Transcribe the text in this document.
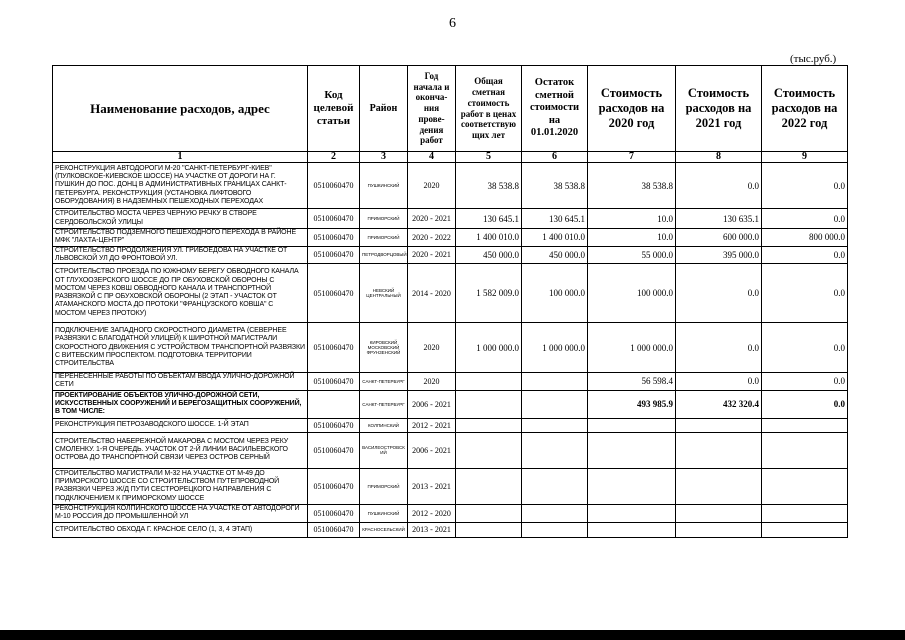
6
(тыс.руб.)
Наименование расходов, адрес	Код целевой статьи	Район	Год начала и оконча-ния прове-дения работ	Общая сметная стоимость работ в ценах соответствую щих лет	Остаток сметной стоимости на 01.01.2020	Стоимость расходов на 2020 год	Стоимость расходов на 2021 год	Стоимость расходов на 2022 год
1	2	3	4	5	6	7	8	9
РЕКОНСТРУКЦИЯ АВТОДОРОГИ М-20 "САНКТ-ПЕТЕРБУРГ-КИЕВ" (ПУЛКОВСКОЕ-КИЕВСКОЕ ШОССЕ) НА УЧАСТКЕ ОТ ДОРОГИ НА Г. ПУШКИН ДО ПОС. ДОНЦ В АДМИНИСТРАТИВНЫХ ГРАНИЦАХ САНКТ-ПЕТЕРБУРГА. РЕКОНСТРУКЦИЯ (УСТАНОВКА ЛИФТОВОГО ОБОРУДОВАНИЯ) В НАДЗЕМНЫХ ПЕШЕХОДНЫХ ПЕРЕХОДАХ	0510060470	ПУШКИНСКИЙ	2020	38 538.8	38 538.8	38 538.8	0.0	0.0
СТРОИТЕЛЬСТВО МОСТА ЧЕРЕЗ ЧЕРНУЮ РЕЧКУ В СТВОРЕ СЕРДОБОЛЬСКОЙ УЛИЦЫ	0510060470	ПРИМОРСКИЙ	2020 - 2021	130 645.1	130 645.1	10.0	130 635.1	0.0
СТРОИТЕЛЬСТВО ПОДЗЕМНОГО ПЕШЕХОДНОГО ПЕРЕХОДА В РАЙОНЕ МФК "ЛАХТА-ЦЕНТР"	0510060470	ПРИМОРСКИЙ	2020 - 2022	1 400 010.0	1 400 010.0	10.0	600 000.0	800 000.0
СТРОИТЕЛЬСТВО ПРОДОЛЖЕНИЯ УЛ. ГРИБОЕДОВА НА УЧАСТКЕ ОТ ЛЬВОВСКОЙ УЛ ДО ФРОНТОВОЙ УЛ.	0510060470	ПЕТРОДВОРЦОВЫЙ	2020 - 2021	450 000.0	450 000.0	55 000.0	395 000.0	0.0
СТРОИТЕЛЬСТВО ПРОЕЗДА ПО ЮЖНОМУ БЕРЕГУ ОБВОДНОГО КАНАЛА ОТ ГЛУХООЗЕРСКОГО ШОССЕ ДО ПР ОБУХОВСКОЙ ОБОРОНЫ С МОСТОМ ЧЕРЕЗ КОВШ ОБВОДНОГО КАНАЛА И ТРАНСПОРТНОЙ РАЗВЯЗКОЙ С ПР ОБУХОВСКОЙ ОБОРОНЫ (2 ЭТАП - УЧАСТОК ОТ АТАМАНСКОГО МОСТА ДО ПРОТОКИ "ФРАНЦУЗСКОГО КОВША" С МОСТОМ ЧЕРЕЗ ПРОТОКУ)	0510060470	НЕВСКИЙ ЦЕНТРАЛЬНЫЙ	2014 - 2020	1 582 009.0	100 000.0	100 000.0	0.0	0.0
ПОДКЛЮЧЕНИЕ ЗАПАДНОГО СКОРОСТНОГО ДИАМЕТРА (СЕВЕРНЕЕ РАЗВЯЗКИ С БЛАГОДАТНОЙ УЛИЦЕЙ) К ШИРОТНОЙ МАГИСТРАЛИ СКОРОСТНОГО ДВИЖЕНИЯ С УСТРОЙСТВОМ ТРАНСПОРТНОЙ РАЗВЯЗКИ С ВИТЕБСКИМ ПРОСПЕКТОМ. ПОДГОТОВКА ТЕРРИТОРИИ СТРОИТЕЛЬСТВА	0510060470	КИРОВСКИЙ МОСКОВСКИЙ ФРУНЗЕНСКИЙ	2020	1 000 000.0	1 000 000.0	1 000 000.0	0.0	0.0
ПЕРЕНЕСЕННЫЕ РАБОТЫ ПО ОБЪЕКТАМ ВВОДА УЛИЧНО-ДОРОЖНОЙ СЕТИ	0510060470	САНКТ-ПЕТЕРБУРГ	2020			56 598.4	0.0	0.0
ПРОЕКТИРОВАНИЕ ОБЪЕКТОВ УЛИЧНО-ДОРОЖНОЙ СЕТИ, ИСКУССТВЕННЫХ СООРУЖЕНИЙ И БЕРЕГОЗАЩИТНЫХ СООРУЖЕНИЙ, В ТОМ ЧИСЛЕ:		САНКТ-ПЕТЕРБУРГ	2006 - 2021			493 985.9	432 320.4	0.0
РЕКОНСТРУКЦИЯ ПЕТРОЗАВОДСКОГО ШОССЕ. 1-Й ЭТАП	0510060470	КОЛПИНСКИЙ	2012 - 2021					
СТРОИТЕЛЬСТВО НАБЕРЕЖНОЙ МАКАРОВА С МОСТОМ ЧЕРЕЗ РЕКУ СМОЛЕНКУ. 1-Я ОЧЕРЕДЬ. УЧАСТОК ОТ 2-Й ЛИНИИ ВАСИЛЬЕВСКОГО ОСТРОВА ДО ТРАНСПОРТНОЙ СВЯЗИ ЧЕРЕЗ ОСТРОВ СЕРНЫЙ	0510060470	ВАСИЛЕОСТРОВСК ИЙ	2006 - 2021					
СТРОИТЕЛЬСТВО МАГИСТРАЛИ М-32 НА УЧАСТКЕ ОТ М-49 ДО ПРИМОРСКОГО ШОССЕ СО СТРОИТЕЛЬСТВОМ ПУТЕПРОВОДНОЙ РАЗВЯЗКИ ЧЕРЕЗ Ж/Д ПУТИ СЕСТРОРЕЦКОГО НАПРАВЛЕНИЯ С ПОДКЛЮЧЕНИЕМ К ПРИМОРСКОМУ ШОССЕ	0510060470	ПРИМОРСКИЙ	2013 - 2021					
РЕКОНСТРУКЦИЯ КОЛПИНСКОГО ШОССЕ НА УЧАСТКЕ ОТ АВТОДОРОГИ М-10 РОССИЯ ДО ПРОМЫШЛЕННОЙ УЛ	0510060470	ПУШКИНСКИЙ	2012 - 2020					
СТРОИТЕЛЬСТВО ОБХОДА Г. КРАСНОЕ СЕЛО (1, 3, 4 ЭТАП)	0510060470	КРАСНОСЕЛЬСКИЙ	2013 - 2021					
